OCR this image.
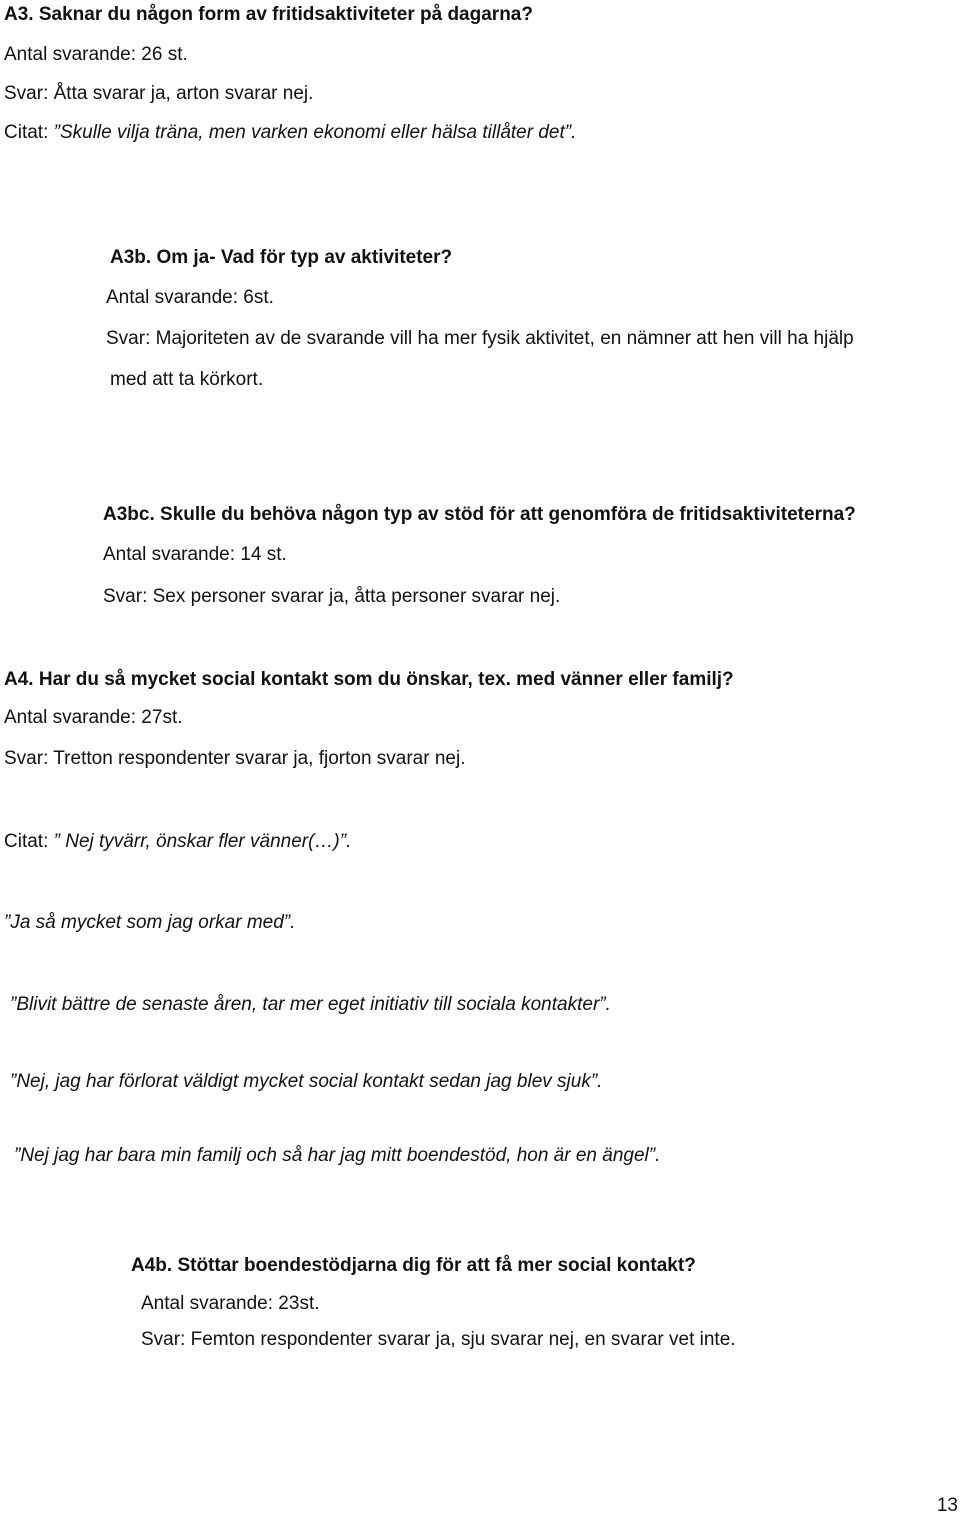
A3. Saknar du någon form av fritidsaktiviteter på dagarna?
Antal svarande: 26 st.
Svar: Åtta svarar ja, arton svarar nej.
Citat: ”Skulle vilja träna, men varken ekonomi eller hälsa tillåter det”.
A3b. Om ja- Vad för typ av aktiviteter?
Antal svarande: 6st.
Svar: Majoriteten av de svarande vill ha mer fysik aktivitet, en nämner att hen vill ha hjälp
med att ta körkort.
A3bc. Skulle du behöva någon typ av stöd för att genomföra de fritidsaktiviteterna?
Antal svarande: 14 st.
Svar: Sex personer svarar ja, åtta personer svarar nej.
A4. Har du så mycket social kontakt som du önskar, tex. med vänner eller familj?
Antal svarande: 27st.
Svar: Tretton respondenter svarar ja, fjorton svarar nej.
Citat: ” Nej tyvärr, önskar fler vänner(…)”.
”Ja så mycket som jag orkar med”.
”Blivit bättre de senaste åren, tar mer eget initiativ till sociala kontakter”.
”Nej, jag har förlorat väldigt mycket social kontakt sedan jag blev sjuk”.
”Nej jag har bara min familj och så har jag mitt boendestöd, hon är en ängel”.
A4b. Stöttar boendestödjarna dig för att få mer social kontakt?
Antal svarande: 23st.
Svar: Femton respondenter svarar ja, sju svarar nej, en svarar vet inte.
13
